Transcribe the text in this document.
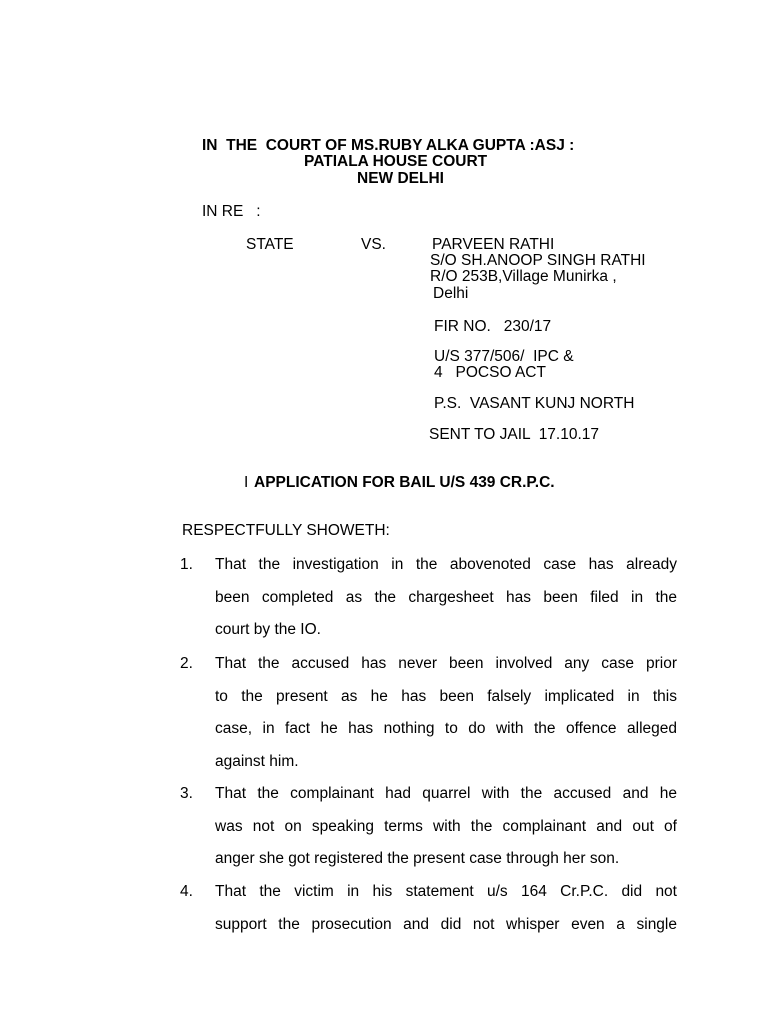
IN  THE  COURT OF MS.RUBY ALKA GUPTA :ASJ :
PATIALA HOUSE COURT
NEW DELHI
IN RE   :
STATE	VS.	PARVEEN RATHI
S/O SH.ANOOP SINGH RATHI
R/O 253B,Village Munirka ,
Delhi
FIR NO.   230/17
U/S 377/506/  IPC &
4   POCSO ACT
P.S.  VASANT KUNJ NORTH
SENT TO JAIL  17.10.17
I APPLICATION FOR BAIL U/S 439 CR.P.C.
RESPECTFULLY SHOWETH:
1. That the investigation in the abovenoted case has already
been completed as the chargesheet has been filed in the
court by the IO.
2. That the accused has never been involved any case prior
to the present as he has been falsely implicated in this
case, in fact he has nothing to do with the offence alleged
against him.
3. That the complainant had quarrel with the accused and he
was not on speaking terms with the complainant and out of
anger she got registered the present case through her son.
4. That the victim in his statement u/s 164 Cr.P.C. did not
support the prosecution and did not whisper even a single
